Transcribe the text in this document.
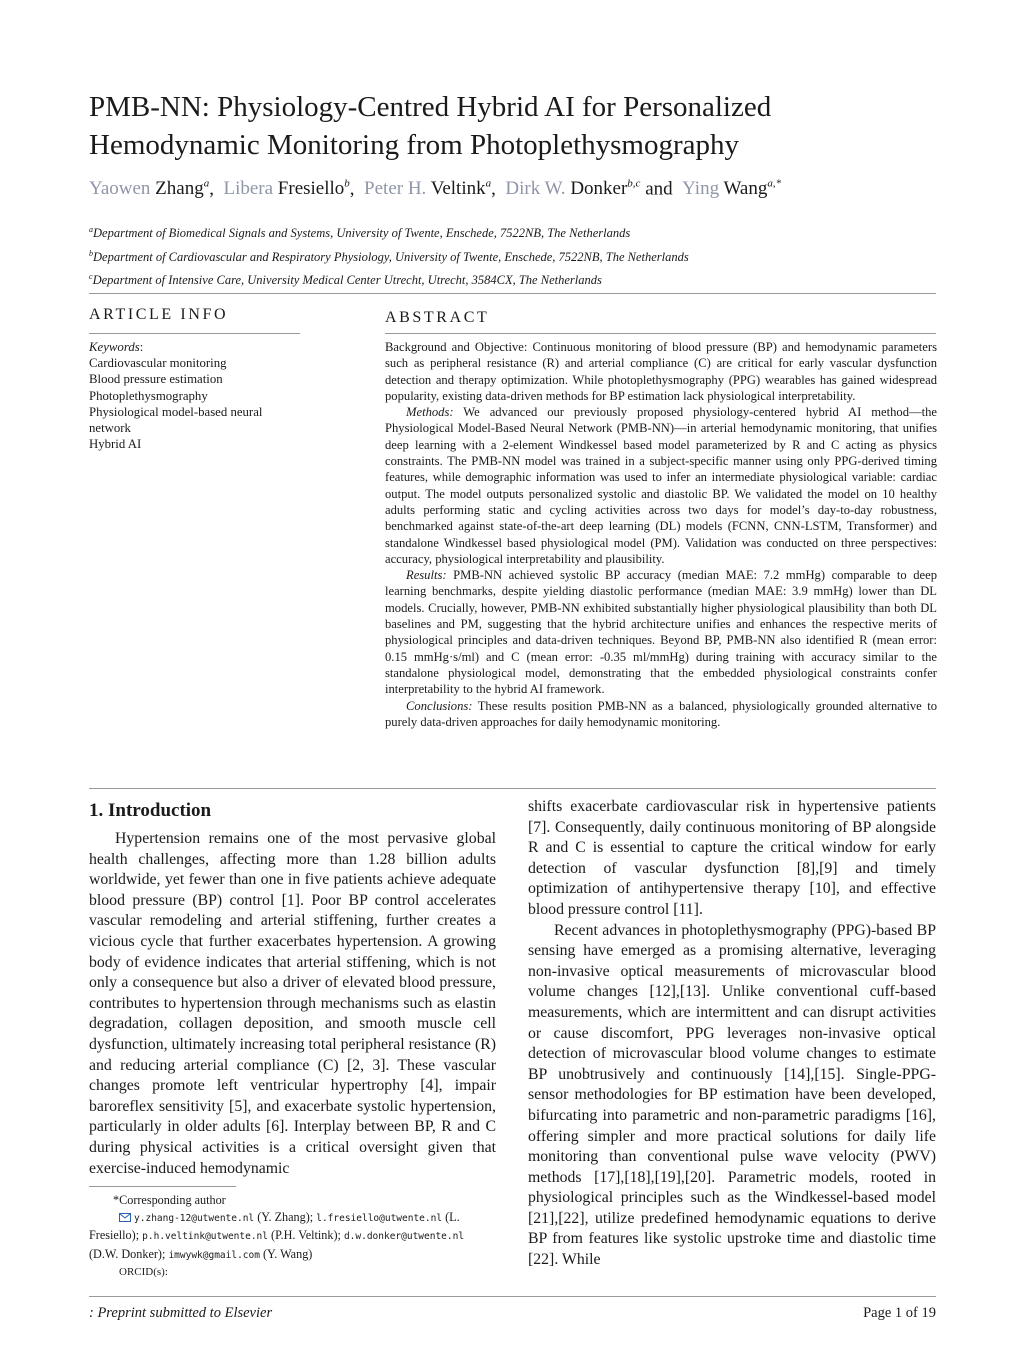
PMB-NN: Physiology-Centred Hybrid AI for Personalized
Hemodynamic Monitoring from Photoplethysmography
Yaowen Zhang$^a$, Libera Fresiello$^b$, Peter H. Veltink$^a$, Dirk W. Donker$^{b,c}$ and Ying Wang$^{a,*}$
$^a$Department of Biomedical Signals and Systems, University of Twente, Enschede, 7522NB, The Netherlands
$^b$Department of Cardiovascular and Respiratory Physiology, University of Twente, Enschede, 7522NB, The Netherlands
$^c$Department of Intensive Care, University Medical Center Utrecht, Utrecht, 3584CX, The Netherlands
ARTICLE INFO
Keywords:
Cardiovascular monitoring
Blood pressure estimation
Photoplethysmography
Physiological model-based neural network
Hybrid AI
ABSTRACT

Background and Objective: Continuous monitoring of blood pressure (BP) and hemodynamic parameters such as peripheral resistance (R) and arterial compliance (C) are critical for early vascular dysfunction detection and therapy optimization. While photoplethysmography (PPG) wearables has gained widespread popularity, existing data-driven methods for BP estimation lack physiological interpretability.

Methods: We advanced our previously proposed physiology-centered hybrid AI method—the Physiological Model-Based Neural Network (PMB-NN)—in arterial hemodynamic monitoring, that unifies deep learning with a 2-element Windkessel based model parameterized by R and C acting as physics constraints. The PMB-NN model was trained in a subject-specific manner using only PPG-derived timing features, while demographic information was used to infer an intermediate physiological variable: cardiac output. The model outputs personalized systolic and diastolic BP. We validated the model on 10 healthy adults performing static and cycling activities across two days for model’s day-to-day robustness, benchmarked against state-of-the-art deep learning (DL) models (FCNN, CNN-LSTM, Transformer) and standalone Windkessel based physiological model (PM). Validation was conducted on three perspectives: accuracy, physiological interpretability and plausibility.

Results: PMB-NN achieved systolic BP accuracy (median MAE: 7.2 mmHg) comparable to deep learning benchmarks, despite yielding diastolic performance (median MAE: 3.9 mmHg) lower than DL models. Crucially, however, PMB-NN exhibited substantially higher physiological plausibility than both DL baselines and PM, suggesting that the hybrid architecture unifies and enhances the respective merits of physiological principles and data-driven techniques. Beyond BP, PMB-NN also identified R (mean error: 0.15 mmHg·s/ml) and C (mean error: -0.35 ml/mmHg) during training with accuracy similar to the standalone physiological model, demonstrating that the embedded physiological constraints confer interpretability to the hybrid AI framework.

Conclusions: These results position PMB-NN as a balanced, physiologically grounded alternative to purely data-driven approaches for daily hemodynamic monitoring.

1. Introduction

Hypertension remains one of the most pervasive global health challenges, affecting more than 1.28 billion adults worldwide, yet fewer than one in five patients achieve adequate blood pressure (BP) control [1]. Poor BP control accelerates vascular remodeling and arterial stiffening, further creates a vicious cycle that further exacerbates hypertension. A growing body of evidence indicates that arterial stiffening, which is not only a consequence but also a driver of elevated blood pressure, contributes to hypertension through mechanisms such as elastin degradation, collagen deposition, and smooth muscle cell dysfunction, ultimately increasing total peripheral resistance (R) and reducing arterial compliance (C) [2, 3]. These vascular changes promote left ventricular hypertrophy [4], impair baroreflex sensitivity [5], and exacerbate systolic hypertension, particularly in older adults [6]. Interplay between BP, R and C during physical activities is a critical oversight given that exercise-induced hemodynamic

shifts exacerbate cardiovascular risk in hypertensive patients [7]. Consequently, daily continuous monitoring of BP alongside R and C is essential to capture the critical window for early detection of vascular dysfunction [8],[9] and timely optimization of antihypertensive therapy [10], and effective blood pressure control [11].

Recent advances in photoplethysmography (PPG)-based BP sensing have emerged as a promising alternative, leveraging non-invasive optical measurements of microvascular blood volume changes [12],[13]. Unlike conventional cuff-based measurements, which are intermittent and can disrupt activities or cause discomfort, PPG leverages non-invasive optical detection of microvascular blood volume changes to estimate BP unobtrusively and continuously [14],[15]. Single-PPG-sensor methodologies for BP estimation have been developed, bifurcating into parametric and non-parametric paradigms [16], offering simpler and more practical solutions for daily life monitoring than conventional pulse wave velocity (PWV) methods [17],[18],[19],[20]. Parametric models, rooted in physiological principles such as the Windkessel-based model [21],[22], utilize predefined hemodynamic equations to derive BP from features like systolic upstroke time and diastolic time [22]. While

*Corresponding author
y.zhang-12@utwente.nl (Y. Zhang); l.fresiello@utwente.nl (L. Fresiello); p.h.veltink@utwente.nl (P.H. Veltink); d.w.donker@utwente.nl (D.W. Donker); imwywk@gmail.com (Y. Wang)
ORCID(s):
: Preprint submitted to Elsevier	Page 1 of 19
